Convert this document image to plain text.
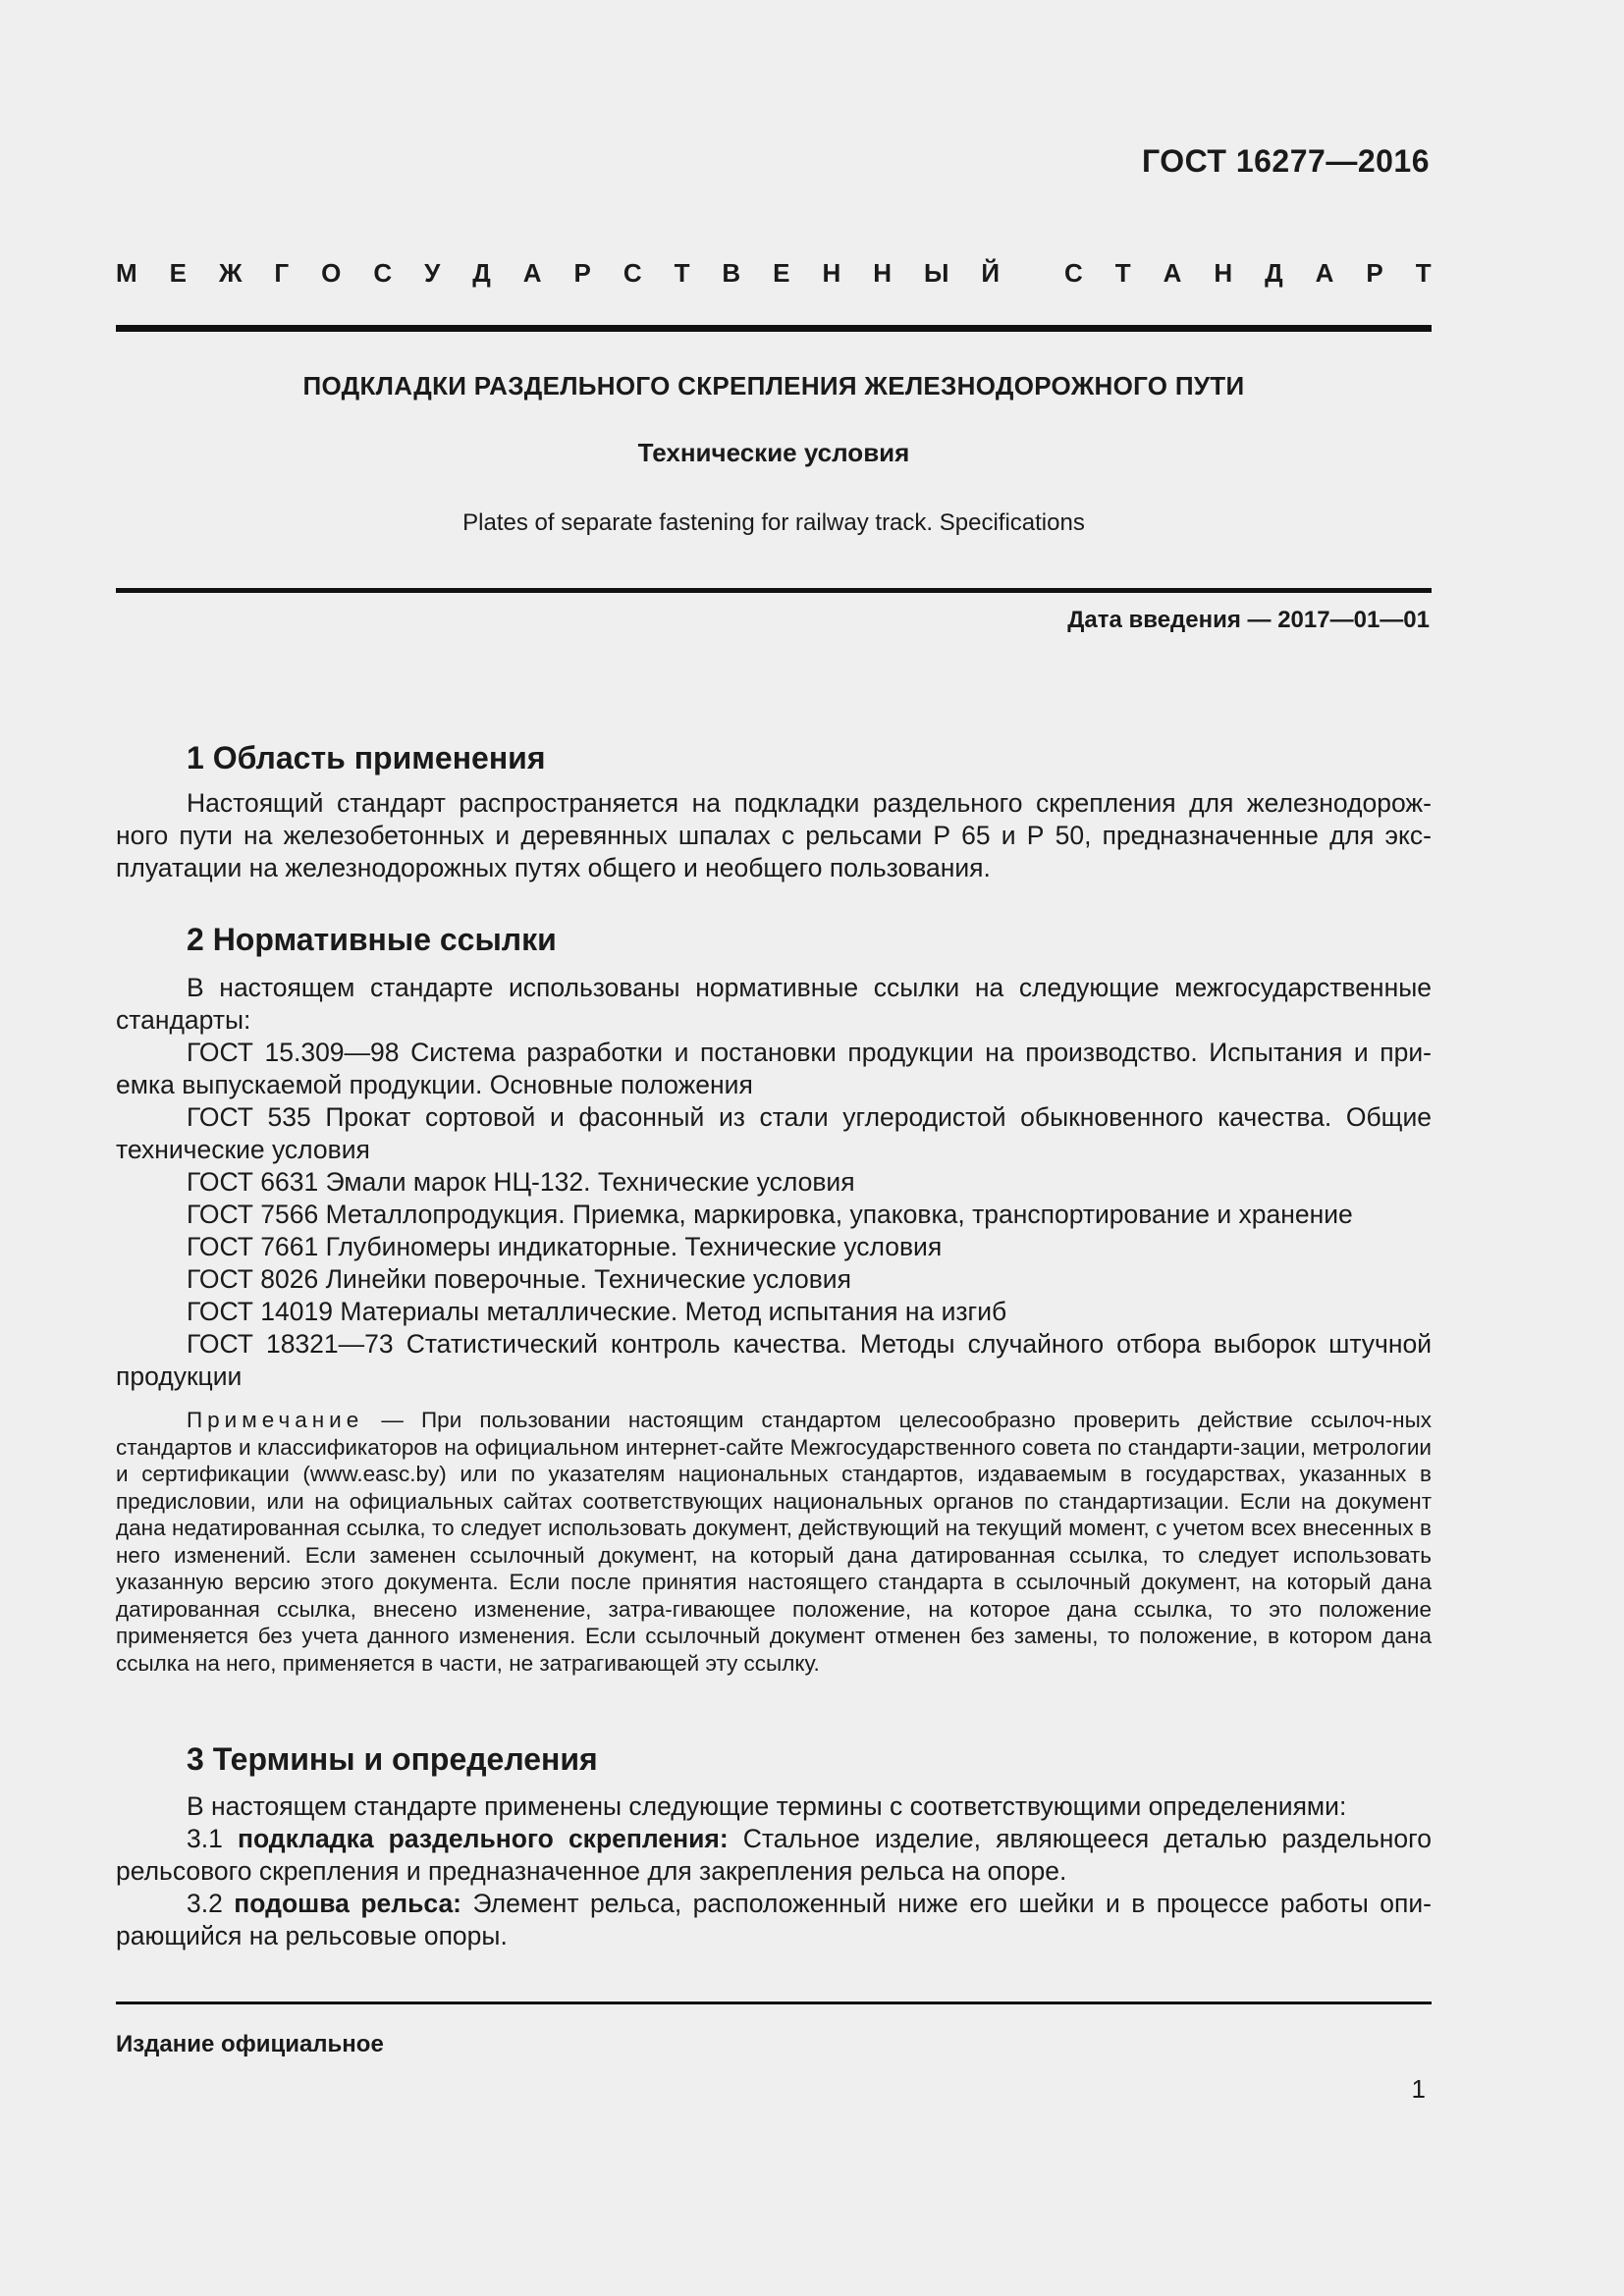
ГОСТ 16277—2016
М Е Ж Г О С У Д А Р С Т В Е Н Н Ы Й	С Т А Н Д А Р Т
ПОДКЛАДКИ РАЗДЕЛЬНОГО СКРЕПЛЕНИЯ ЖЕЛЕЗНОДОРОЖНОГО ПУТИ
Технические условия
Plates of separate fastening for railway track. Specifications
Дата введения — 2017—01—01
1 Область применения
Настоящий стандарт распространяется на подкладки раздельного скрепления для железнодорож-ного пути на железобетонных и деревянных шпалах с рельсами Р 65 и Р 50, предназначенные для экс-плуатации на железнодорожных путях общего и необщего пользования.
2 Нормативные ссылки
В настоящем стандарте использованы нормативные ссылки на следующие межгосударственные стандарты:
ГОСТ 15.309—98 Система разработки и постановки продукции на производство. Испытания и при-емка выпускаемой продукции. Основные положения
ГОСТ 535 Прокат сортовой и фасонный из стали углеродистой обыкновенного качества. Общие технические условия
ГОСТ 6631 Эмали марок НЦ-132. Технические условия
ГОСТ 7566 Металлопродукция. Приемка, маркировка, упаковка, транспортирование и хранение
ГОСТ 7661 Глубиномеры индикаторные. Технические условия
ГОСТ 8026 Линейки поверочные. Технические условия
ГОСТ 14019 Материалы металлические. Метод испытания на изгиб
ГОСТ 18321—73 Статистический контроль качества. Методы случайного отбора выборок штучной продукции
Примечание — При пользовании настоящим стандартом целесообразно проверить действие ссылоч-ных стандартов и классификаторов на официальном интернет-сайте Межгосударственного совета по стандарти-зации, метрологии и сертификации (www.easc.by) или по указателям национальных стандартов, издаваемым в государствах, указанных в предисловии, или на официальных сайтах соответствующих национальных органов по стандартизации. Если на документ дана недатированная ссылка, то следует использовать документ, действующий на текущий момент, с учетом всех внесенных в него изменений. Если заменен ссылочный документ, на который дана датированная ссылка, то следует использовать указанную версию этого документа. Если после принятия настоящего стандарта в ссылочный документ, на который дана датированная ссылка, внесено изменение, затра-гивающее положение, на которое дана ссылка, то это положение применяется без учета данного изменения. Если ссылочный документ отменен без замены, то положение, в котором дана ссылка на него, применяется в части, не затрагивающей эту ссылку.
3 Термины и определения
В настоящем стандарте применены следующие термины с соответствующими определениями:
3.1 подкладка раздельного скрепления: Стальное изделие, являющееся деталью раздельного рельсового скрепления и предназначенное для закрепления рельса на опоре.
3.2 подошва рельса: Элемент рельса, расположенный ниже его шейки и в процессе работы опи-рающийся на рельсовые опоры.
Издание официальное
1
